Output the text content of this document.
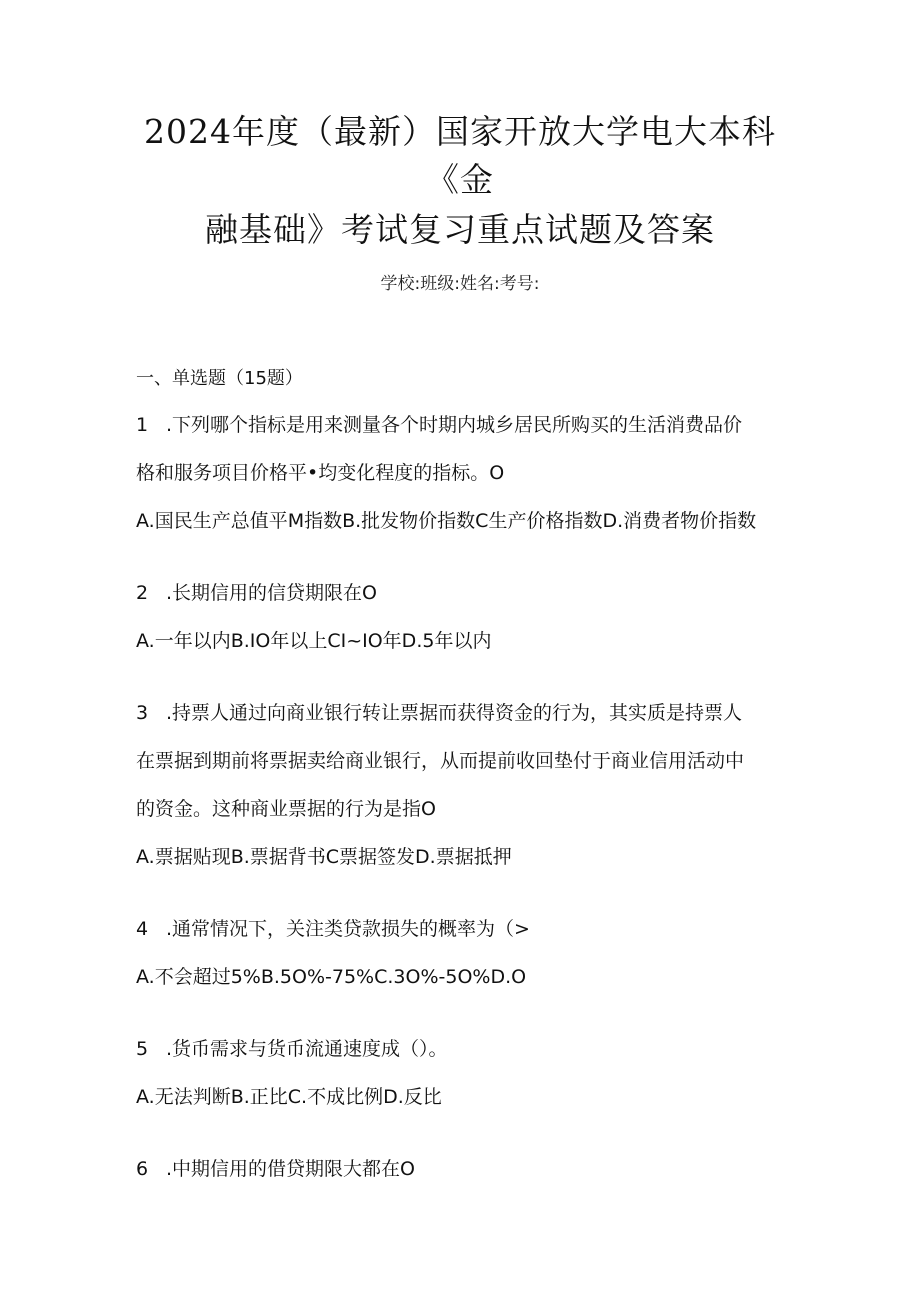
2024年度（最新）国家开放大学电大本科
融基础》考试复习重点试题及答案
学校:班级:姓名:考号:
一、单选题（15题）
1 .下列哪个指标是用来测量各个时期内城乡居民所购买的生活消费品价
格和服务项目价格平•均变化程度的指标。O
A.国民生产总值平M指数B.批发物价指数C生产价格指数D.消费者物价指数
2 .长期信用的信贷期限在O
A.一年以内B.IO年以上CI~IO年D.5年以内
3 .持票人通过向商业银行转让票据而获得资金的行为，其实质是持票人
在票据到期前将票据卖给商业银行，从而提前收回垫付于商业信用活动中
的资金。这种商业票据的行为是指O
A.票据贴现B.票据背书C票据签发D.票据抵押
4 .通常情况下，关注类贷款损失的概率为（>
A.不会超过5%B.5O%-75%C.3O%-5O%D.O
5 .货币需求与货币流通速度成（）。
A.无法判断B.正比C.不成比例D.反比
6 .中期信用的借贷期限大都在O
《金
